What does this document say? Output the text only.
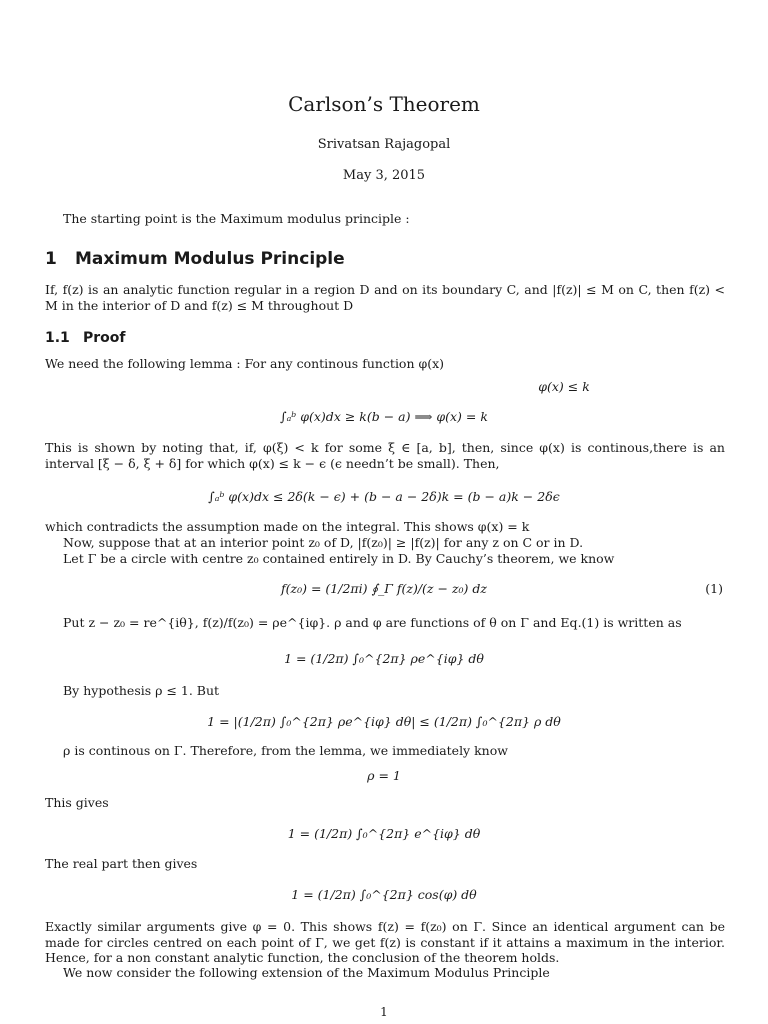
Carlson’s Theorem
Srivatsan Rajagopal
May 3, 2015

The starting point is the Maximum modulus principle :

1 Maximum Modulus Principle

If, f(z) is an analytic function regular in a region D and on its boundary C, and |f(z)| ≤ M on C, then f(z) < M in the interior of D and f(z) ≤ M throughout D

1.1 Proof

We need the following lemma : For any continous function φ(x)

φ(x) ≤ k
∫ₐᵇ φ(x)dx ≥ k(b − a) ⟹ φ(x) = k

This is shown by noting that, if, φ(ξ) < k for some ξ ∈ [a, b], then, since φ(x) is continous,there is an interval [ξ − δ, ξ + δ] for which φ(x) ≤ k − ϵ (ϵ needn’t be small). Then,

∫ₐᵇ φ(x)dx ≤ 2δ(k − ϵ) + (b − a − 2δ)k = (b − a)k − 2δϵ

which contradicts the assumption made on the integral. This shows φ(x) = k

Now, suppose that at an interior point z₀ of D, |f(z₀)| ≥ |f(z)| for any z on C or in D.

Let Γ be a circle with centre z₀ contained entirely in D. By Cauchy’s theorem, we know

f(z₀) = (1/2πi) ∮_Γ f(z)/(z − z₀) dz	(1)

Put z − z₀ = re^{iθ}, f(z)/f(z₀) = ρe^{iφ}. ρ and φ are functions of θ on Γ and Eq.(1) is written as

1 = (1/2π) ∫₀^{2π} ρe^{iφ} dθ

By hypothesis ρ ≤ 1. But

1 = |(1/2π) ∫₀^{2π} ρe^{iφ} dθ| ≤ (1/2π) ∫₀^{2π} ρ dθ

ρ is continous on Γ. Therefore, from the lemma, we immediately know

ρ = 1

This gives

1 = (1/2π) ∫₀^{2π} e^{iφ} dθ

The real part then gives

1 = (1/2π) ∫₀^{2π} cos(φ) dθ

Exactly similar arguments give φ = 0. This shows f(z) = f(z₀) on Γ. Since an identical argument can be made for circles centred on each point of Γ, we get f(z) is constant if it attains a maximum in the interior. Hence, for a non constant analytic function, the conclusion of the theorem holds.

We now consider the following extension of the Maximum Modulus Principle

1
